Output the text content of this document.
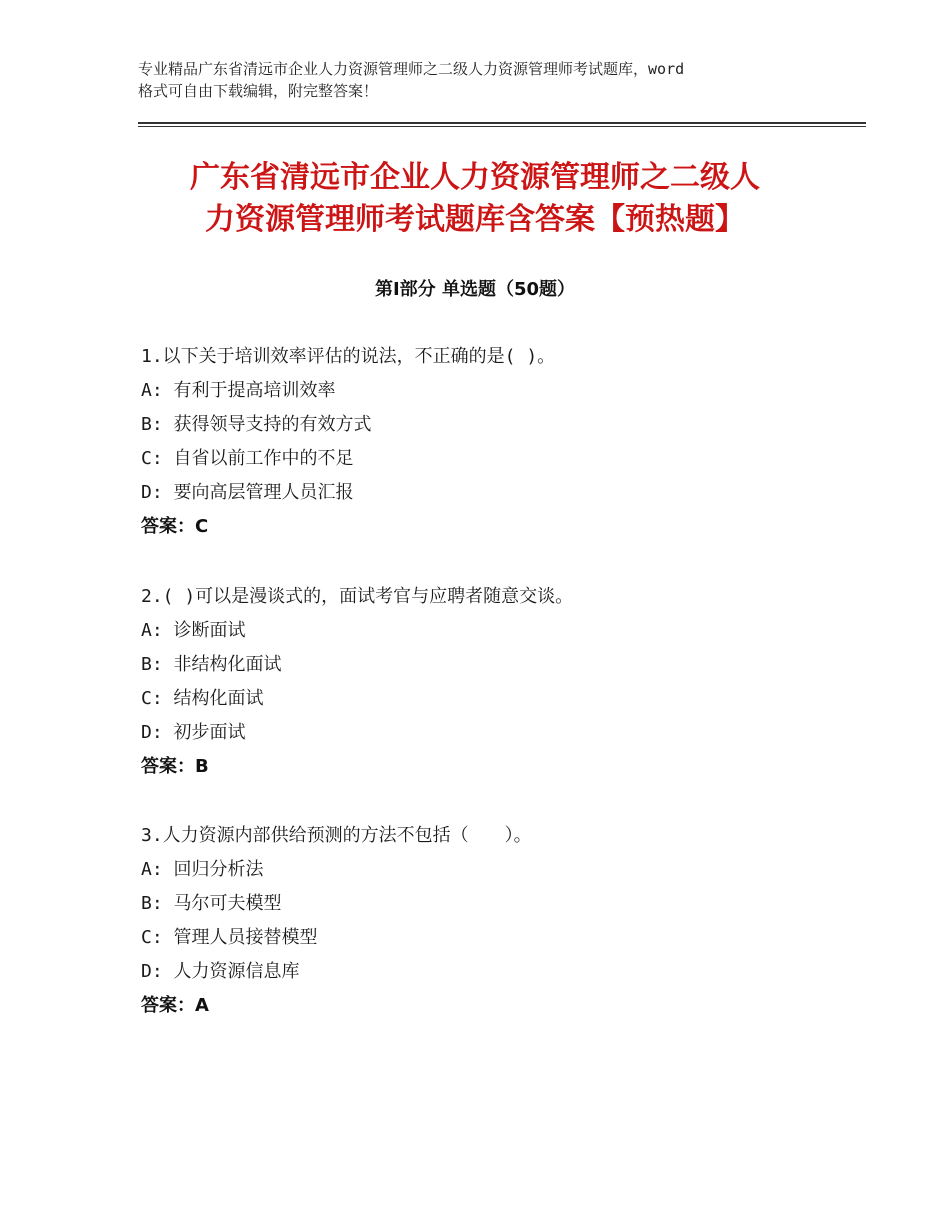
专业精品广东省清远市企业人力资源管理师之二级人力资源管理师考试题库，word
格式可自由下载编辑，附完整答案！
广东省清远市企业人力资源管理师之二级人
力资源管理师考试题库含答案【预热题】
第Ⅰ部分 单选题（50题）
1.以下关于培训效率评估的说法，不正确的是( )。
A: 有利于提高培训效率
B: 获得领导支持的有效方式
C: 自省以前工作中的不足
D: 要向高层管理人员汇报
答案：C
2.( )可以是漫谈式的，面试考官与应聘者随意交谈。
A: 诊断面试
B: 非结构化面试
C: 结构化面试
D: 初步面试
答案：B
3.人力资源内部供给预测的方法不包括（　　）。
A: 回归分析法
B: 马尔可夫模型
C: 管理人员接替模型
D: 人力资源信息库
答案：A
